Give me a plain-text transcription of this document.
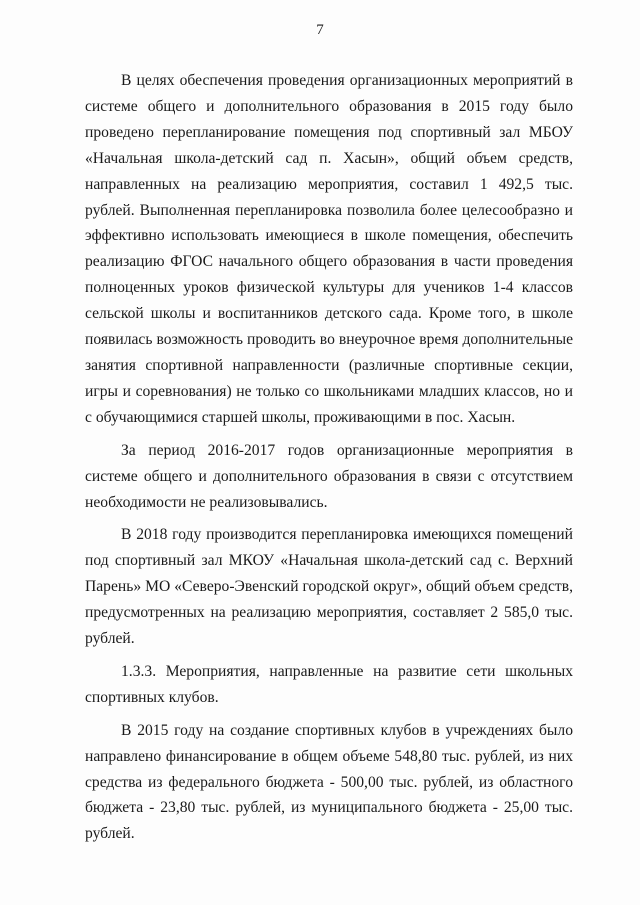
7

В целях обеспечения проведения организационных мероприятий в системе общего и дополнительного образования в 2015 году было проведено перепланирование помещения под спортивный зал МБОУ «Начальная школа-детский сад п. Хасын», общий объем средств, направленных на реализацию мероприятия, составил 1 492,5 тыс. рублей. Выполненная перепланировка позволила более целесообразно и эффективно использовать имеющиеся в школе помещения, обеспечить реализацию ФГОС начального общего образования в части проведения полноценных уроков физической культуры для учеников 1-4 классов сельской школы и воспитанников детского сада. Кроме того, в школе появилась возможность проводить во внеурочное время дополнительные занятия спортивной направленности (различные спортивные секции, игры и соревнования) не только со школьниками младших классов, но и с обучающимися старшей школы, проживающими в пос. Хасын.

За период 2016-2017 годов организационные мероприятия в системе общего и дополнительного образования в связи с отсутствием необходимости не реализовывались.

В 2018 году производится перепланировка имеющихся помещений под спортивный зал МКОУ «Начальная школа-детский сад с. Верхний Парень» МО «Северо-Эвенский городской округ», общий объем средств, предусмотренных на реализацию мероприятия, составляет 2 585,0 тыс. рублей.

1.3.3. Мероприятия, направленные на развитие сети школьных спортивных клубов.

В 2015 году на создание спортивных клубов в учреждениях было направлено финансирование в общем объеме 548,80 тыс. рублей, из них средства из федерального бюджета - 500,00 тыс. рублей, из областного бюджета - 23,80 тыс. рублей, из муниципального бюджета - 25,00 тыс. рублей.
